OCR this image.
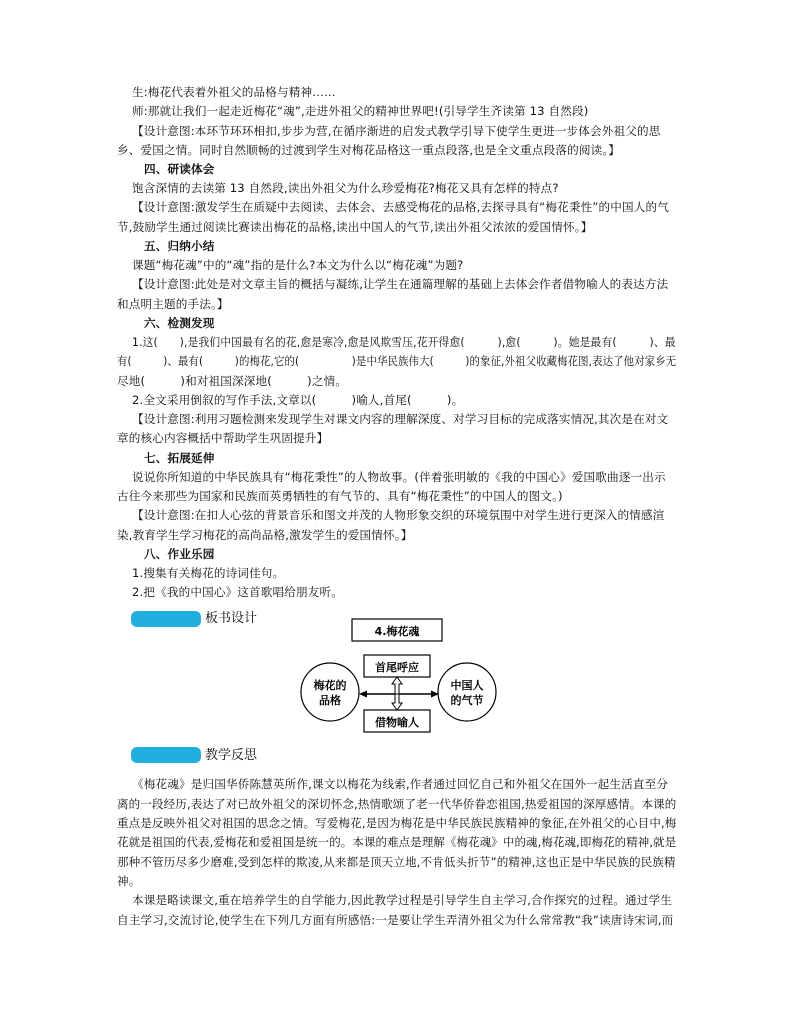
生:梅花代表着外祖父的品格与精神……
师:那就让我们一起走近梅花“魂”,走进外祖父的精神世界吧!(引导学生齐读第 13 自然段)
【设计意图:本环节环环相扣,步步为营,在循序渐进的启发式教学引导下使学生更进一步体会外祖父的思
乡、爱国之情。同时自然顺畅的过渡到学生对梅花品格这一重点段落,也是全文重点段落的阅读。】
四、研读体会
饱含深情的去读第 13 自然段,读出外祖父为什么珍爱梅花?梅花又具有怎样的特点?
【设计意图:激发学生在质疑中去阅读、去体会、去感受梅花的品格,去探寻具有“梅花秉性”的中国人的气
节,鼓励学生通过阅读比赛读出梅花的品格,读出中国人的气节,读出外祖父浓浓的爱国情怀。】
五、归纳小结
课题“梅花魂”中的“魂”指的是什么?本文为什么以“梅花魂”为题?
【设计意图:此处是对文章主旨的概括与凝练,让学生在通篇理解的基础上去体会作者借物喻人的表达方法
和点明主题的手法。】
六、检测发现
1.这(　　),是我们中国最有名的花,愈是寒冷,愈是风欺雪压,花开得愈(　　　),愈(　　　)。她是最有(　　　)、最
有(　　　)、最有(　　　)的梅花,它的(　　　　　)是中华民族伟大(　　　)的象征,外祖父收藏梅花图,表达了他对家乡无
尽地(　　　)和对祖国深深地(　　　)之情。
2.全文采用倒叙的写作手法,文章以(　　　)喻人,首尾(　　　)。
【设计意图:利用习题检测来发现学生对课文内容的理解深度、对学习目标的完成落实情况,其次是在对文
章的核心内容概括中帮助学生巩固提升】
七、拓展延伸
说说你所知道的中华民族具有“梅花秉性”的人物故事。(伴着张明敏的《我的中国心》爱国歌曲逐一出示
古往今来那些为国家和民族而英勇牺牲的有气节的、具有“梅花秉性”的中国人的图文。)
【设计意图:在扣人心弦的背景音乐和图文并茂的人物形象交织的环境氛围中对学生进行更深入的情感渲
染,教育学生学习梅花的高尚品格,激发学生的爱国情怀。】
八、作业乐园
1.搜集有关梅花的诗词佳句。
2.把《我的中国心》这首歌唱给朋友听。
板书设计
4.梅花魂
首尾呼应
借物喻人
梅花的
品格
中国人
的气节
教学反思
《梅花魂》是归国华侨陈慧英所作,课文以梅花为线索,作者通过回忆自己和外祖父在国外一起生活直至分
离的一段经历,表达了对已故外祖父的深切怀念,热情歌颂了老一代华侨眷恋祖国,热爱祖国的深厚感情。本课的
重点是反映外祖父对祖国的思念之情。写爱梅花,是因为梅花是中华民族民族精神的象征,在外祖父的心目中,梅
花就是祖国的代表,爱梅花和爱祖国是统一的。本课的难点是理解《梅花魂》中的魂,梅花魂,即梅花的精神,就是
那种不管历尽多少磨难,受到怎样的欺凌,从来都是顶天立地,不肯低头折节”的精神,这也正是中华民族的民族精
神。
本课是略读课文,重在培养学生的自学能力,因此教学过程是引导学生自主学习,合作探究的过程。通过学生
自主学习,交流讨论,使学生在下列几方面有所感悟:一是要让学生弄清外祖父为什么常常教“我”读唐诗宋词,而
